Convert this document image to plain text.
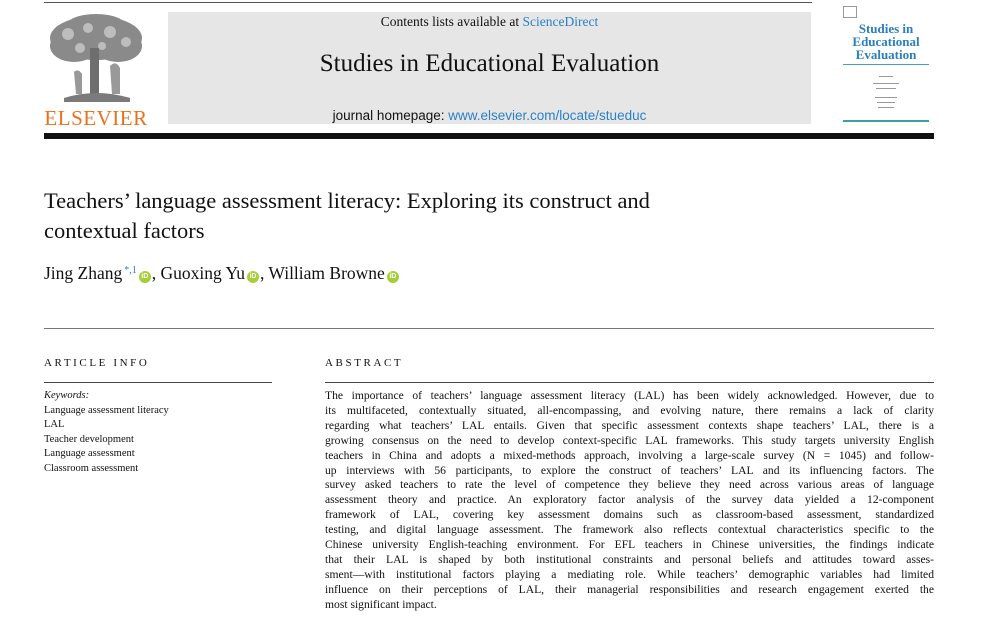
ELSEVIER
Contents lists available at ScienceDirect
Studies in Educational Evaluation
journal homepage: www.elsevier.com/locate/stueduc
Studies in
Educational
Evaluation
Teachers’ language assessment literacy: Exploring its construct and
contextual factors
Jing Zhang $^{*,1}$iD , Guoxing Yu iD , William Browne iD
ARTICLE INFO
Keywords:
Language assessment literacy
LAL
Teacher development
Language assessment
Classroom assessment
ABSTRACT
The importance of teachers’ language assessment literacy (LAL) has been widely acknowledged. However, due to
its multifaceted, contextually situated, all-encompassing, and evolving nature, there remains a lack of clarity
regarding what teachers’ LAL entails. Given that specific assessment contexts shape teachers’ LAL, there is a
growing consensus on the need to develop context-specific LAL frameworks. This study targets university English
teachers in China and adopts a mixed-methods approach, involving a large-scale survey (N = 1045) and follow-
up interviews with 56 participants, to explore the construct of teachers’ LAL and its influencing factors. The
survey asked teachers to rate the level of competence they believe they need across various areas of language
assessment theory and practice. An exploratory factor analysis of the survey data yielded a 12-component
framework of LAL, covering key assessment domains such as classroom-based assessment, standardized
testing, and digital language assessment. The framework also reflects contextual characteristics specific to the
Chinese university English-teaching environment. For EFL teachers in Chinese universities, the findings indicate
that their LAL is shaped by both institutional constraints and personal beliefs and attitudes toward asses-
sment—with institutional factors playing a mediating role. While teachers’ demographic variables had limited
influence on their perceptions of LAL, their managerial responsibilities and research engagement exerted the
most significant impact.
